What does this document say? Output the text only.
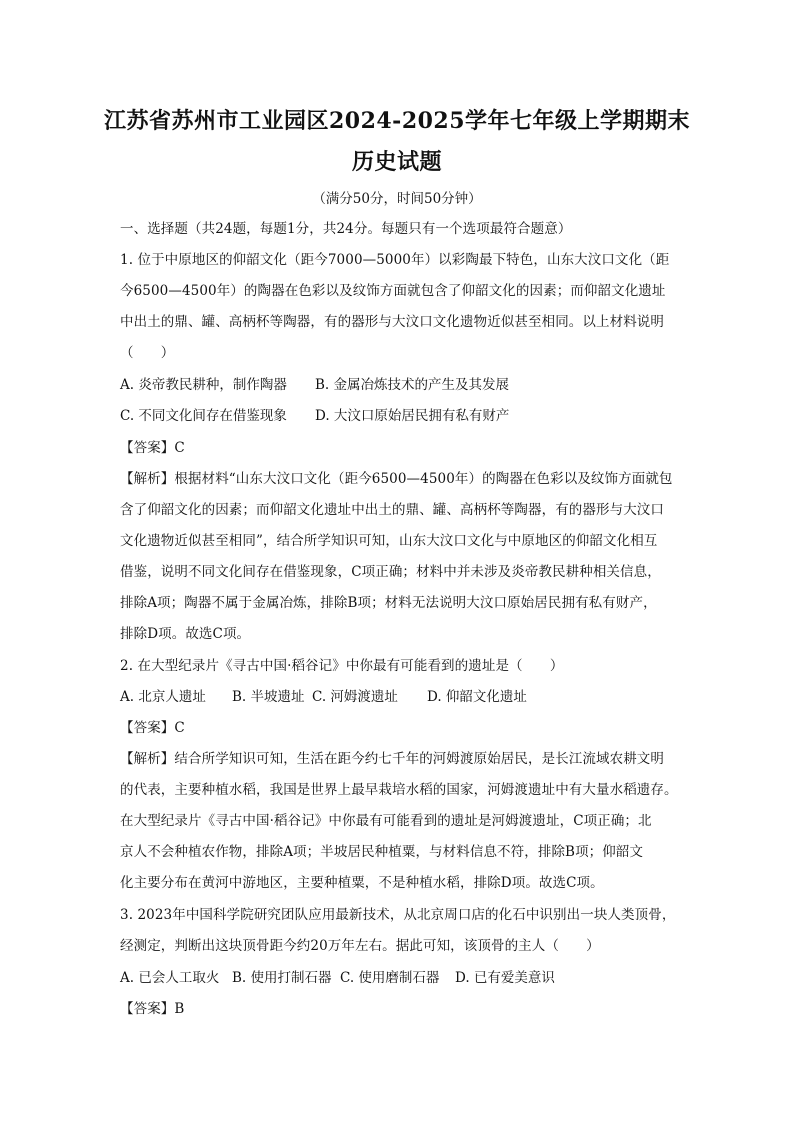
江苏省苏州市工业园区2024-2025学年七年级上学期期末
历史试题
（满分50分，时间50分钟）
一、选择题（共24题，每题1分，共24分。每题只有一个选项最符合题意）
1. 位于中原地区的仰韶文化（距今7000—5000年）以彩陶最下特色，山东大汶口文化（距
今6500—4500年）的陶器在色彩以及纹饰方面就包含了仰韶文化的因素；而仰韶文化遗址
中出土的鼎、罐、高柄杯等陶器，有的器形与大汶口文化遗物近似甚至相同。以上材料说明
（　　）
A. 炎帝教民耕种，制作陶器 B. 金属冶炼技术的产生及其发展
C. 不同文化间存在借鉴现象 D. 大汶口原始居民拥有私有财产
【答案】C
【解析】根据材料“山东大汶口文化（距今6500—4500年）的陶器在色彩以及纹饰方面就包
含了仰韶文化的因素；而仰韶文化遗址中出土的鼎、罐、高柄杯等陶器，有的器形与大汶口
文化遗物近似甚至相同”，结合所学知识可知，山东大汶口文化与中原地区的仰韶文化相互
借鉴，说明不同文化间存在借鉴现象，C项正确；材料中并未涉及炎帝教民耕种相关信息，
排除A项；陶器不属于金属冶炼，排除B项；材料无法说明大汶口原始居民拥有私有财产，
排除D项。故选C项。
2. 在大型纪录片《寻古中国·稻谷记》中你最有可能看到的遗址是（　　）
A. 北京人遗址 B. 半坡遗址 C. 河姆渡遗址 D. 仰韶文化遗址
【答案】C
【解析】结合所学知识可知，生活在距今约七千年的河姆渡原始居民，是长江流域农耕文明
的代表，主要种植水稻，我国是世界上最早栽培水稻的国家，河姆渡遗址中有大量水稻遗存。
在大型纪录片《寻古中国·稻谷记》中你最有可能看到的遗址是河姆渡遗址，C项正确；北
京人不会种植农作物，排除A项；半坡居民种植粟，与材料信息不符，排除B项；仰韶文
化主要分布在黄河中游地区，主要种植粟，不是种植水稻，排除D项。故选C项。
3. 2023年中国科学院研究团队应用最新技术，从北京周口店的化石中识别出一块人类顶骨，
经测定，判断出这块顶骨距今约20万年左右。据此可知，该顶骨的主人（　　）
A. 已会人工取火 B. 使用打制石器 C. 使用磨制石器 D. 已有爱美意识
【答案】B
